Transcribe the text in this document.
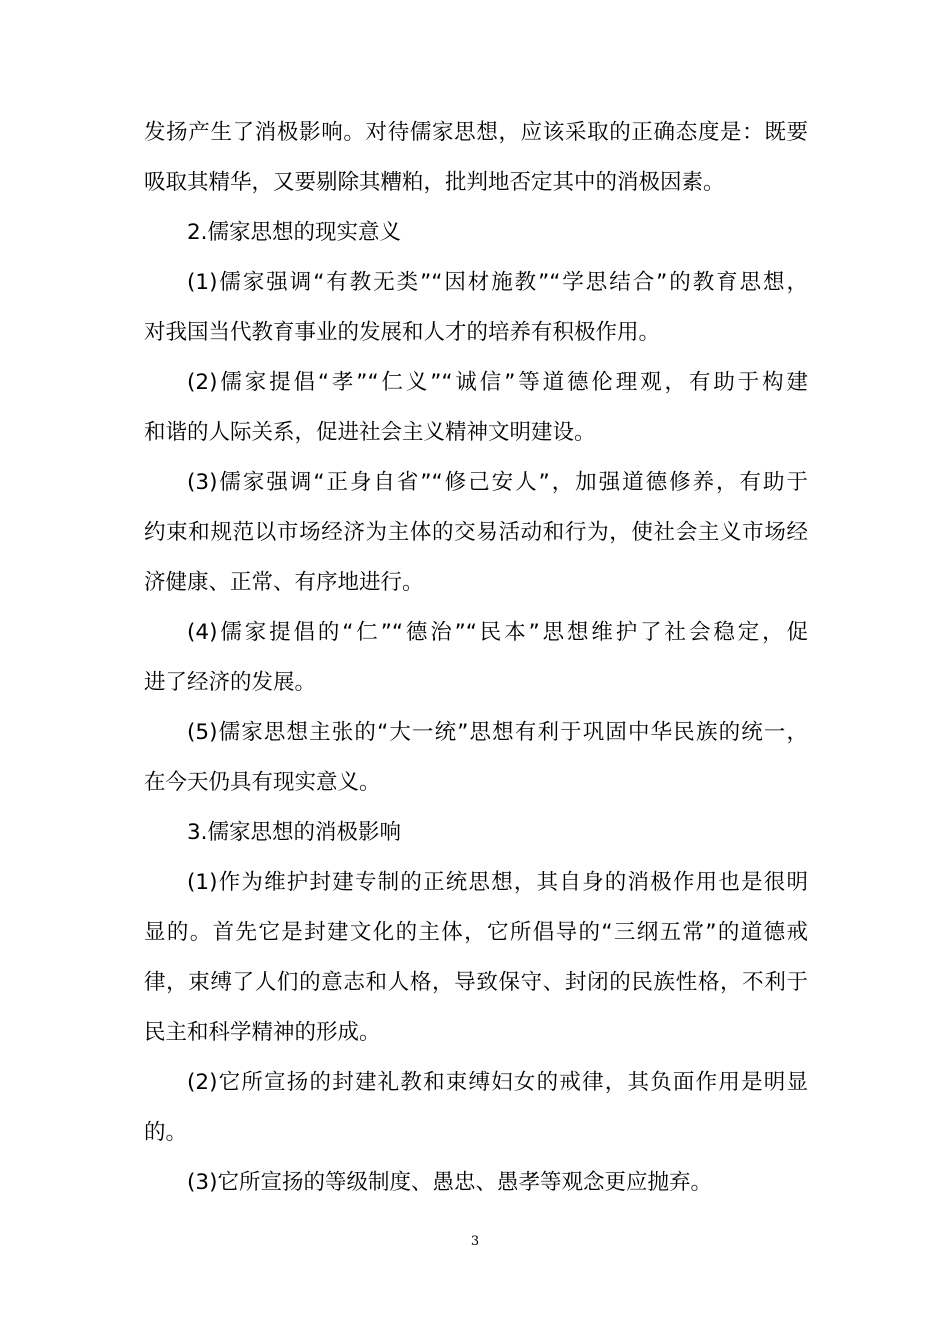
发扬产生了消极影响。对待儒家思想，应该采取的正确态度是：既要
吸取其精华，又要剔除其糟粕，批判地否定其中的消极因素。
2.儒家思想的现实意义
(1)儒家强调“有教无类”“因材施教”“学思结合”的教育思想，
对我国当代教育事业的发展和人才的培养有积极作用。
(2)儒家提倡“孝”“仁义”“诚信”等道德伦理观，有助于构建
和谐的人际关系，促进社会主义精神文明建设。
(3)儒家强调“正身自省”“修己安人”，加强道德修养，有助于
约束和规范以市场经济为主体的交易活动和行为，使社会主义市场经
济健康、正常、有序地进行。
(4)儒家提倡的“仁”“德治”“民本”思想维护了社会稳定，促
进了经济的发展。
(5)儒家思想主张的“大一统”思想有利于巩固中华民族的统一，
在今天仍具有现实意义。
3.儒家思想的消极影响
(1)作为维护封建专制的正统思想，其自身的消极作用也是很明
显的。首先它是封建文化的主体，它所倡导的“三纲五常”的道德戒
律，束缚了人们的意志和人格，导致保守、封闭的民族性格，不利于
民主和科学精神的形成。
(2)它所宣扬的封建礼教和束缚妇女的戒律，其负面作用是明显
的。
(3)它所宣扬的等级制度、愚忠、愚孝等观念更应抛弃。
3
